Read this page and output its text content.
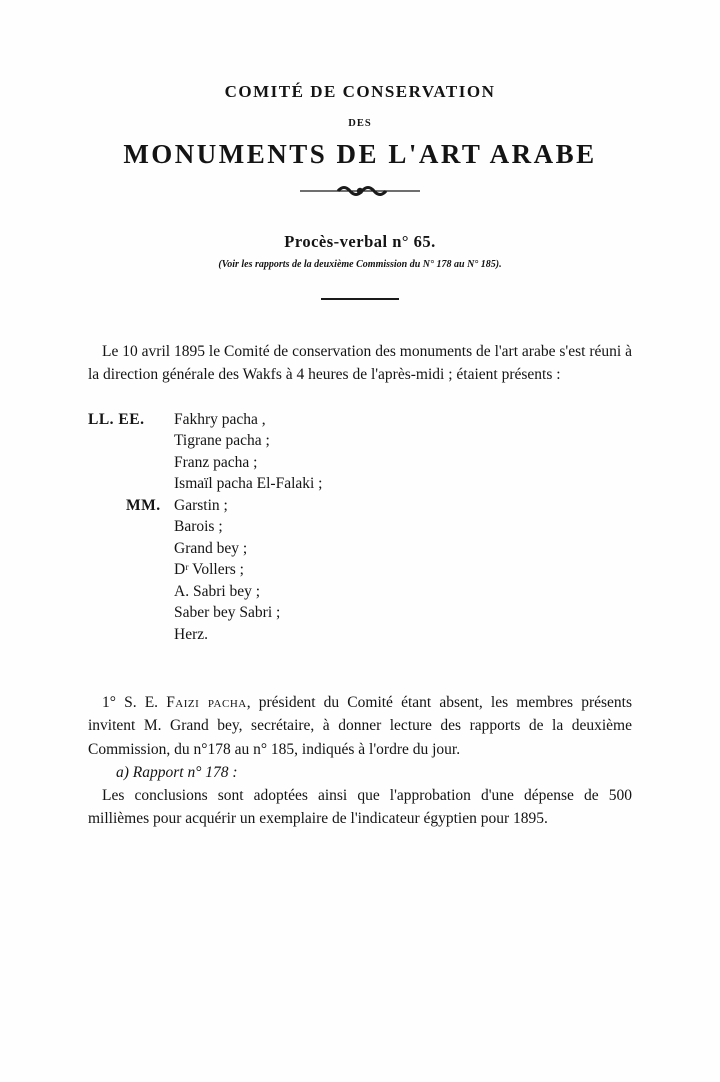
COMITÉ DE CONSERVATION
DES
MONUMENTS DE L'ART ARABE
Procès-verbal n° 65.
(Voir les rapports de la deuxième Commission du N° 178 au N° 185).

Le 10 avril 1895 le Comité de conservation des monuments de l'art arabe s'est réuni à la direction générale des Wakfs à 4 heures de l'après-midi ; étaient présents :

LL. EE.	Fakhry pacha ,
Tigrane pacha ;
Franz pacha ;
Ismaïl pacha El-Falaki ;
MM. Garstin ;
Barois ;
Grand bey ;
Dʳ Vollers ;
A. Sabri bey ;
Saber bey Sabri ;
Herz.

1° S. E. Faizi pacha, président du Comité étant absent, les membres présents invitent M. Grand bey, secrétaire, à donner lecture des rapports de la deuxième Commission, du n°178 au n° 185, indiqués à l'ordre du jour.

a) Rapport n° 178 :

Les conclusions sont adoptées ainsi que l'approbation d'une dépense de 500 millièmes pour acquérir un exemplaire de l'indicateur égyptien pour 1895.
